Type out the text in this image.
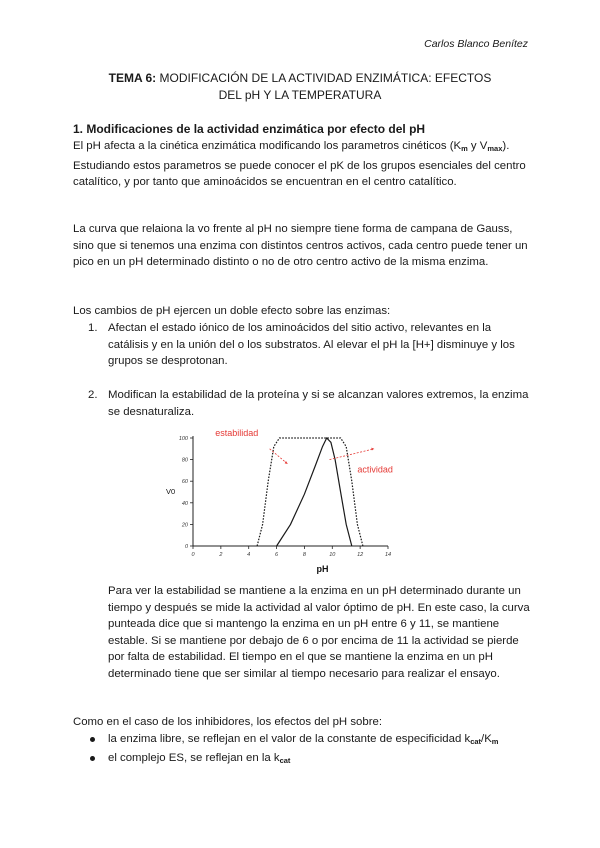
Carlos Blanco Benítez
TEMA 6: MODIFICACIÓN DE LA ACTIVIDAD ENZIMÁTICA: EFECTOS
DEL pH Y LA TEMPERATURA
1. Modificaciones de la actividad enzimática por efecto del pH
El pH afecta a la cinética enzimática modificando los parametros cinéticos ($K_m$ y $V_{max}$). Estudiando estos parametros se puede conocer el pK de los grupos esenciales del centro catalítico, y por tanto que aminoácidos se encuentran en el centro catalítico.
La curva que relaiona la vo frente al pH no siempre tiene forma de campana de Gauss, sino que si tenemos una enzima con distintos centros activos, cada centro puede tener un pico en un pH determinado distinto o no de otro centro activo de la misma enzima.
Los cambios de pH ejercen un doble efecto sobre las enzimas:
1. Afectan el estado iónico de los aminoácidos del sitio activo, relevantes en la catálisis y en la unión del o los substratos. Al elevar el pH la [H+] disminuye y los grupos se desprotonan.
2. Modifican la estabilidad de la proteína y si se alcanzan valores extremos, la enzima se desnaturaliza.
0	2	4	6	8	10	12	14
0
20
40
60
80
100
pH
V0
estabilidad
actividad
Para ver la estabilidad se mantiene a la enzima en un pH determinado durante un tiempo y después se mide la actividad al valor óptimo de pH. En este caso, la curva punteada dice que si mantengo la enzima en un pH entre 6 y 11, se mantiene estable. Si se mantiene por debajo de 6 o por encima de 11 la actividad se pierde por falta de estabilidad. El tiempo en el que se mantiene la enzima en un pH determinado tiene que ser similar al tiempo necesario para realizar el ensayo.
Como en el caso de los inhibidores, los efectos del pH sobre:
la enzima libre, se reflejan en el valor de la constante de especificidad $k_{cat}/K_m$
el complejo ES, se reflejan en la $k_{cat}$
